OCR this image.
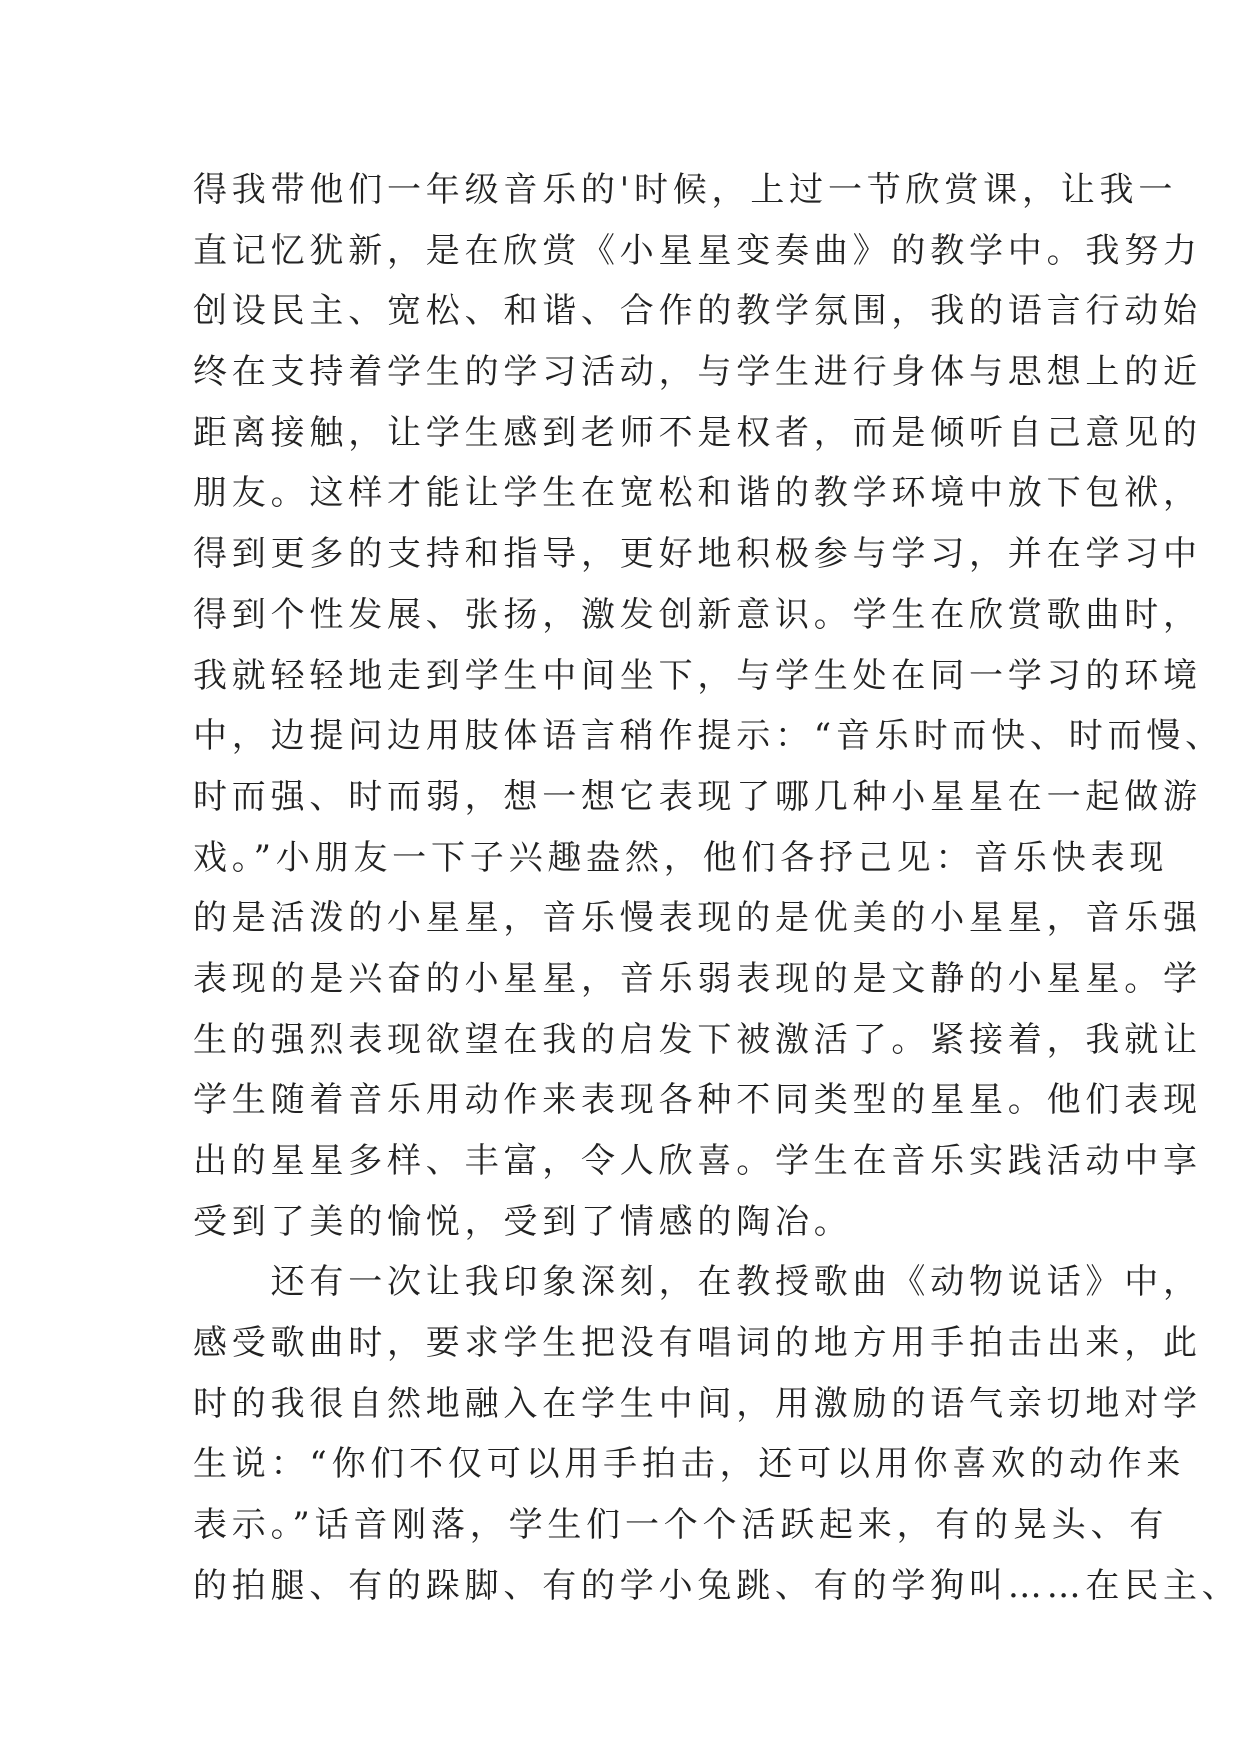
得我带他们一年级音乐的'时候，上过一节欣赏课，让我一
直记忆犹新，是在欣赏《小星星变奏曲》的教学中。我努力
创设民主、宽松、和谐、合作的教学氛围，我的语言行动始
终在支持着学生的学习活动，与学生进行身体与思想上的近
距离接触，让学生感到老师不是权者，而是倾听自己意见的
朋友。这样才能让学生在宽松和谐的教学环境中放下包袱，
得到更多的支持和指导，更好地积极参与学习，并在学习中
得到个性发展、张扬，激发创新意识。学生在欣赏歌曲时，
我就轻轻地走到学生中间坐下，与学生处在同一学习的环境
中，边提问边用肢体语言稍作提示：“音乐时而快、时而慢、
时而强、时而弱，想一想它表现了哪几种小星星在一起做游
戏。”小朋友一下子兴趣盎然，他们各抒己见：音乐快表现
的是活泼的小星星，音乐慢表现的是优美的小星星，音乐强
表现的是兴奋的小星星，音乐弱表现的是文静的小星星。学
生的强烈表现欲望在我的启发下被激活了。紧接着，我就让
学生随着音乐用动作来表现各种不同类型的星星。他们表现
出的星星多样、丰富，令人欣喜。学生在音乐实践活动中享
受到了美的愉悦，受到了情感的陶冶。
　　还有一次让我印象深刻，在教授歌曲《动物说话》中，
感受歌曲时，要求学生把没有唱词的地方用手拍击出来，此
时的我很自然地融入在学生中间，用激励的语气亲切地对学
生说：“你们不仅可以用手拍击，还可以用你喜欢的动作来
表示。”话音刚落，学生们一个个活跃起来，有的晃头、有
的拍腿、有的跺脚、有的学小兔跳、有的学狗叫……在民主、
